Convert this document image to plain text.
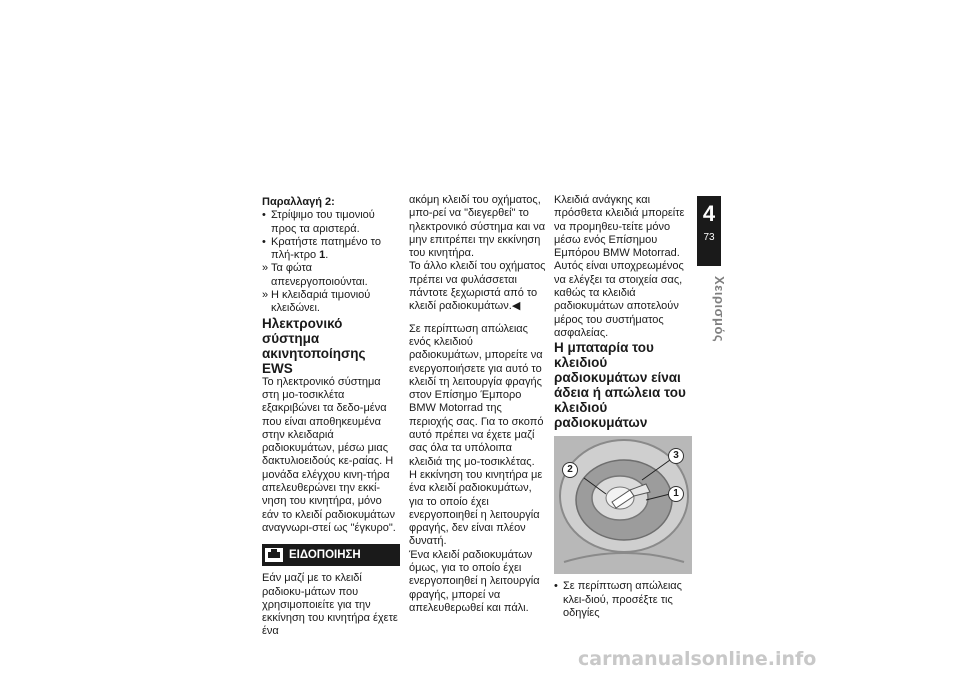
Παραλλαγή 2:

• Στρίψιμο του τιμονιού προς τα αριστερά.
• Κρατήστε πατημένο το πλή-κτρο 1.
» Τα φώτα απενεργοποιούνται.
» Η κλειδαριά τιμονιού κλειδώνει.

Ηλεκτρονικό σύστημα ακινητοποίησης EWS

Το ηλεκτρονικό σύστημα στη μο-τοσικλέτα εξακριβώνει τα δεδο-μένα που είναι αποθηκευμένα στην κλειδαριά ραδιοκυμάτων, μέσω μιας δακτυλιοειδούς κε-ραίας. Η μονάδα ελέγχου κινη-τήρα απελευθερώνει την εκκί-νηση του κινητήρα, μόνο εάν το κλειδί ραδιοκυμάτων αναγνωρι-στεί ως "έγκυρο".

ΕΙΔΟΠΟΙΗΣΗ

Εάν μαζί με το κλειδί ραδιοκυ-μάτων που χρησιμοποιείτε για την εκκίνηση του κινητήρα έχετε ένα

ακόμη κλειδί του οχήματος, μπο-ρεί να "διεγερθεί" το ηλεκτρονικό σύστημα και να μην επιτρέπει την εκκίνηση του κινητήρα.

Το άλλο κλειδί του οχήματος πρέπει να φυλάσσεται πάντοτε ξεχωριστά από το κλειδί ραδιοκυμάτων.◀

Σε περίπτωση απώλειας ενός κλειδιού ραδιοκυμάτων, μπορείτε να ενεργοποιήσετε για αυτό το κλειδί τη λειτουργία φραγής στον Επίσημο Έμπορο BMW Motorrad της περιοχής σας. Για το σκοπό αυτό πρέπει να έχετε μαζί σας όλα τα υπόλοιπα κλειδιά της μο-τοσικλέτας.

Η εκκίνηση του κινητήρα με ένα κλειδί ραδιοκυμάτων, για το οποίο έχει ενεργοποιηθεί η λειτουργία φραγής, δεν είναι πλέον δυνατή.

Ένα κλειδί ραδιοκυμάτων όμως, για το οποίο έχει ενεργοποιηθεί η λειτουργία φραγής, μπορεί να απελευθερωθεί και πάλι.

Κλειδιά ανάγκης και πρόσθετα κλειδιά μπορείτε να προμηθευ-τείτε μόνο μέσω ενός Επίσημου Εμπόρου BMW Motorrad. Αυτός είναι υποχρεωμένος να ελέγξει τα στοιχεία σας, καθώς τα κλειδιά ραδιοκυμάτων αποτελούν μέρος του συστήματος ασφαλείας.

Η μπαταρία του κλειδιού ραδιοκυμάτων είναι άδεια ή απώλεια του κλειδιού ραδιοκυμάτων

3
2
1
• Σε περίπτωση απώλειας κλει-διού, προσέξτε τις οδηγίες
4
73
Χειρισμός
carmanualsonline.info
